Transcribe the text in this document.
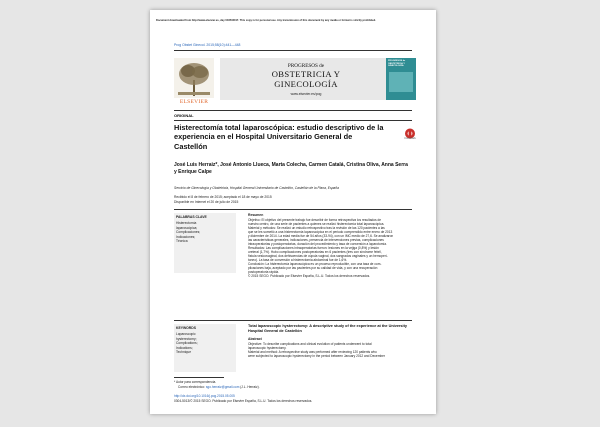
Document downloaded from http://www.elsevier.es, day 04/05/2017. This copy is for personal use. Any transmission of this document by any media or format is strictly prohibited.
Prog Obstet Ginecol. 2015;58(10):441—448
ELSEVIER
PROGRESOS de
OBSTETRICIA Y
GINECOLOGÍA
www.elsevier.es/pog
PROGRESOS de OBSTETRICIA Y GINECOLOGÍA
ORIGINAL
Histerectomía total laparoscópica: estudio descriptivo de la experiencia en el Hospital Universitario General de Castellón
CrossMark
José Luis Herraiz*, José Antonio Llueca, Marta Colecha, Carmen Catalá, Cristina Oliva, Anna Serra y Enrique Calpe
Servicio de Ginecología y Obstetricia, Hospital General Universitario de Castellón, Castellón de la Plana, España
Recibido el 8 de febrero de 2015; aceptado el 18 de mayo de 2015
Disponible en Internet el 20 de julio de 2015
PALABRAS CLAVE
Histerectomía
laparoscópica;
Complicaciones;
Indicaciones;
Técnica
Resumen
Objetivo: El objetivo del presente trabajo fue describir de forma retrospectiva los resultados de
nuestro centro, de una serie de pacientes a quienes se realizó histerectomía total laparoscópica.
Material y métodos: Se realizó un estudio retrospectivo tras la revisión de las 120 pacientes a las
que se les sometió a una histerectomía laparoscópica en el periodo comprendido entre enero de 2013
y diciembre de 2014. La edad media fue de 54 años (33-94), con un IMC medio de 27,6. Se analizaron
las características generales, indicaciones, presencia de intervenciones previas, complicaciones
intraoperatorias y postoperatorias, duración del procedimiento y tasa de conversión a laparotomía.
Resultados: Las complicaciones intraoperatorias fueron: lesiones en la vejiga (0,8%) y lesión
ureteral (1,7%). Hubo complicaciones postoperatorias en 6 pacientes (tres con síndrome febril,
fístula vesicovaginal, dos dehiscencias de cúpula vaginal, dos sangrados vaginales y un hemoperi-
toneo). La tasa de conversión a histerectomía abdominal fue de 1,6%.
Conclusión: La histerectomía laparoscópica es un proceso reproducible, con una tasa de com-
plicaciones baja, aceptado por las pacientes por su calidad de vida, y con una recuperación
postoperatoria rápida.
© 2015 SEGO. Publicado por Elsevier España, S.L.U. Todos los derechos reservados.
KEYWORDS
Laparoscopic
hysterectomy;
Complications;
Indications;
Technique
Total laparoscopic hysterectomy: A descriptive study of the experience at the University Hospital General de Castellón
Abstract
Objective: To describe complications and clinical evolution of patients underwent to total
laparoscopic hysterectomy.
Material and method: A retrospective study was performed after reviewing 120 patients who
were subjected to laparoscopic hysterectomy in the period between January 2012 and December
* Autor para correspondencia.
Correo electrónico: sgo.herraiz@gmail.com (J.L. Herraiz).
http://dx.doi.org/10.1016/j.pog.2015.05.005
0304-5013/© 2015 SEGO. Publicado por Elsevier España, S.L.U. Todos los derechos reservados.
